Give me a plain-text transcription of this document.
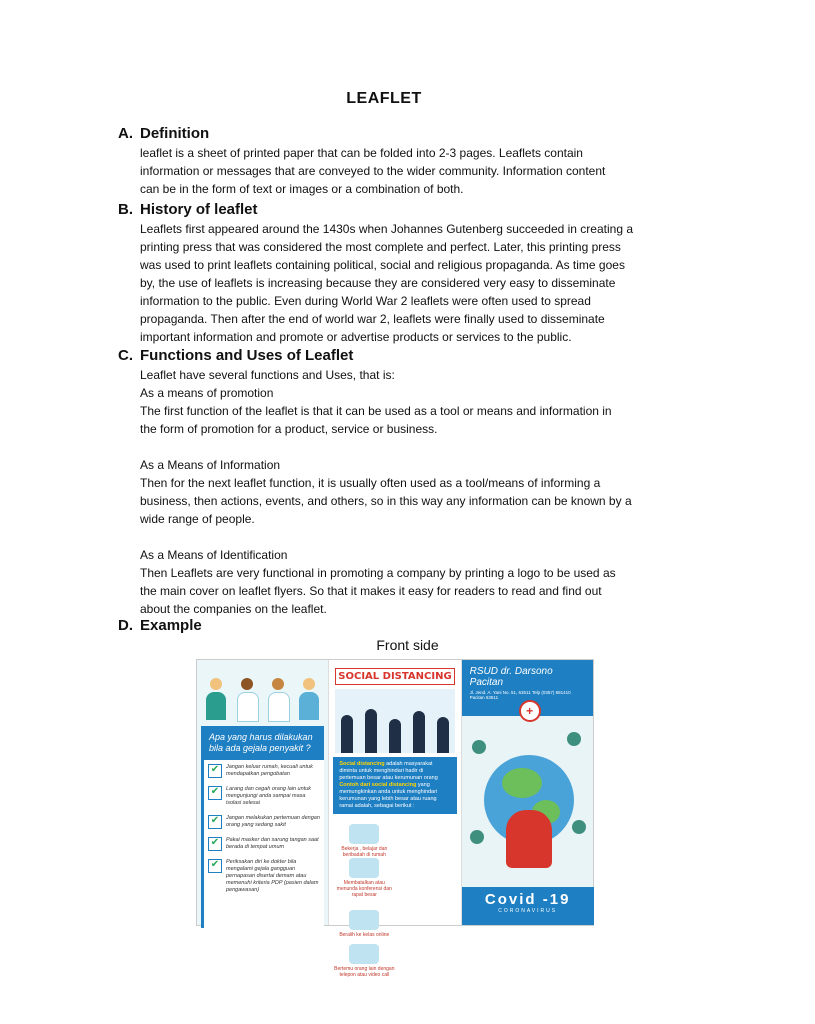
LEAFLET
A. Definition

leaflet is a sheet of printed paper that can be folded into 2-3 pages. Leaflets contain

information or messages that are conveyed to the wider community. Information content

can be in the form of text or images or a combination of both.

B. History of leaflet

Leaflets first appeared around the 1430s when Johannes Gutenberg succeeded in creating a

printing press that was considered the most complete and perfect. Later, this printing press

was used to print leaflets containing political, social and religious propaganda. As time goes

by, the use of leaflets is increasing because they are considered very easy to disseminate

information to the public. Even during World War 2 leaflets were often used to spread

propaganda. Then after the end of world war 2, leaflets were finally used to disseminate

important information and promote or advertise products or services to the public.

C. Functions and Uses of Leaflet

Leaflet have several functions and Uses, that is:

As a means of promotion

The first function of the leaflet is that it can be used as a tool or means and information in

the form of promotion for a product, service or business.

As a Means of Information

Then for the next leaflet function, it is usually often used as a tool/means of informing a

business, then actions, events, and others, so in this way any information can be known by a

wide range of people.

As a Means of Identification

Then Leaflets are very functional in promoting a company by printing a logo to be used as

the main cover on leaflet flyers. So that it makes it easy for readers to read and find out

about the companies on the leaflet.

D. Example
Front side
Apa yang harus dilakukan bila ada gejala penyakit ?
✔	Jangan keluar rumah, kecuali untuk mendapatkan pengobatan
✔	Larang dan cegah orang lain untuk mengunjungi anda sampai masa isolasi selesai
✔	Jangan melakukan pertemuan dengan orang yang sedang sakit
✔	Pakai masker dan sarung tangan saat berada di tempat umum
✔	Periksakan diri ke dokter bila mengalami gejala gangguan pernapasan disertai demam atau memenuhi kriteria PDP (pasien dalam pengawasan)
SOCIAL DISTANCING
Social distancing adalah masyarakat diminta untuk menghindari hadir di pertemuan besar atau kerumunan orang
Contoh dari social distancing yang memungkinkan anda untuk menghindari kerumunan yang lebih besar atau ruang ramai adalah, sebagai berikut :
Bekerja , belajar dan beribadah di rumah
Membatalkan atau menunda konferensi dan rapat besar
Beralih ke kelas online
Bertemu orang lain dengan telepon atau video call
RSUD dr. Darsono Pacitan
Jl. Jend. A. Yani No. 51, 63511 Telp (0357) 881410 Pacitan 63511
+
Covid -19
CORONAVIRUS
